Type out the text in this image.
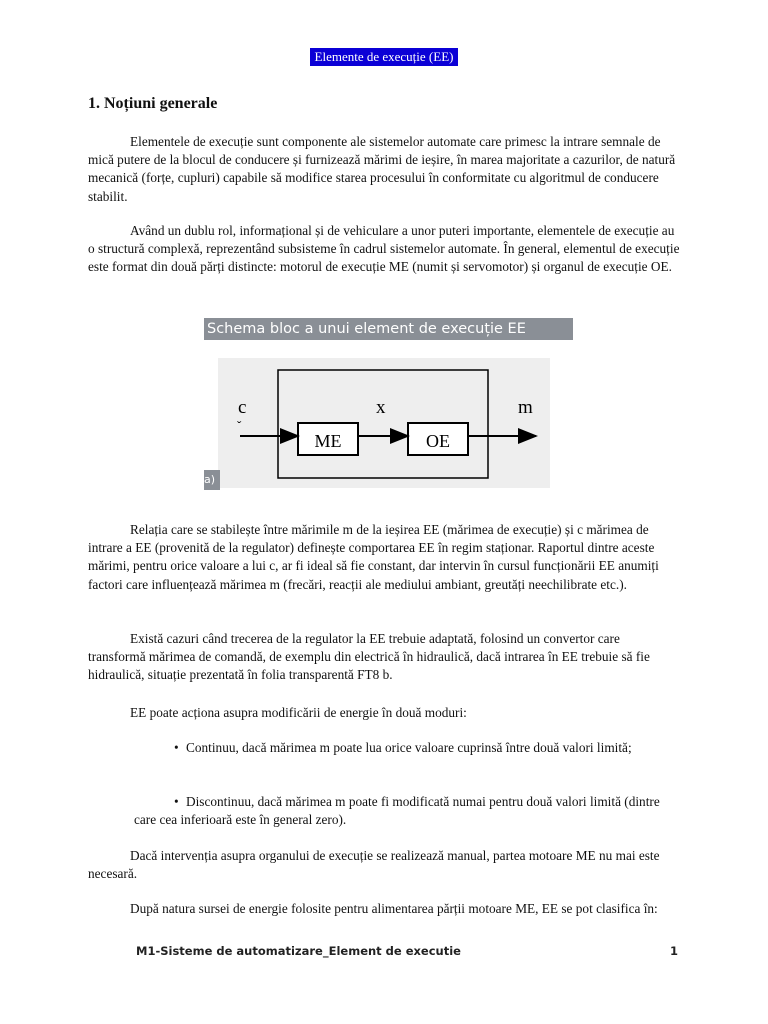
Elemente de execuție (EE)
1. Noțiuni generale

Elementele de execuție sunt componente ale sistemelor automate care primesc la intrare semnale de mică putere de la blocul de conducere și furnizează mărimi de ieșire, în marea majoritate a cazurilor, de natură mecanică (forțe, cupluri) capabile să modifice starea procesului în conformitate cu algoritmul de conducere stabilit.

Având un dublu rol, informațional și de vehiculare a unor puteri importante, elementele de execuție au o structură complexă, reprezentând subsisteme în cadrul sistemelor automate. În general, elementul de execuție este format din două părți distincte: motorul de execuție ME (numit și servomotor) și organul de execuție OE.

Schema bloc a unui element de execuție EE
c
ˇ
x	m
ME	OE
a)

Relația care se stabilește între mărimile m de la ieșirea EE (mărimea de execuție) și c mărimea de intrare a EE (provenită de la regulator) definește comportarea EE în regim staționar. Raportul dintre aceste mărimi, pentru orice valoare a lui c, ar fi ideal să fie constant, dar intervin în cursul funcționării EE anumiți factori care influențează mărimea m (frecări, reacții ale mediului ambiant, greutăți neechilibrate etc.).

Există cazuri când trecerea de la regulator la EE trebuie adaptată, folosind un convertor care transformă mărimea de comandă, de exemplu din electrică în hidraulică, dacă intrarea în EE trebuie să fie hidraulică, situație prezentată în folia transparentă FT8 b.

EE poate acționa asupra modificării de energie în două moduri:

• Continuu, dacă mărimea m poate lua orice valoare cuprinsă între două valori limită;

• Discontinuu, dacă mărimea m poate fi modificată numai pentru două valori limită (dintre care cea inferioară este în general zero).

Dacă intervenția asupra organului de execuție se realizează manual, partea motoare ME nu mai este necesară.

După natura sursei de energie folosite pentru alimentarea părții motoare ME, EE se pot clasifica în:

M1-Sisteme de automatizare_Element de executie	1
